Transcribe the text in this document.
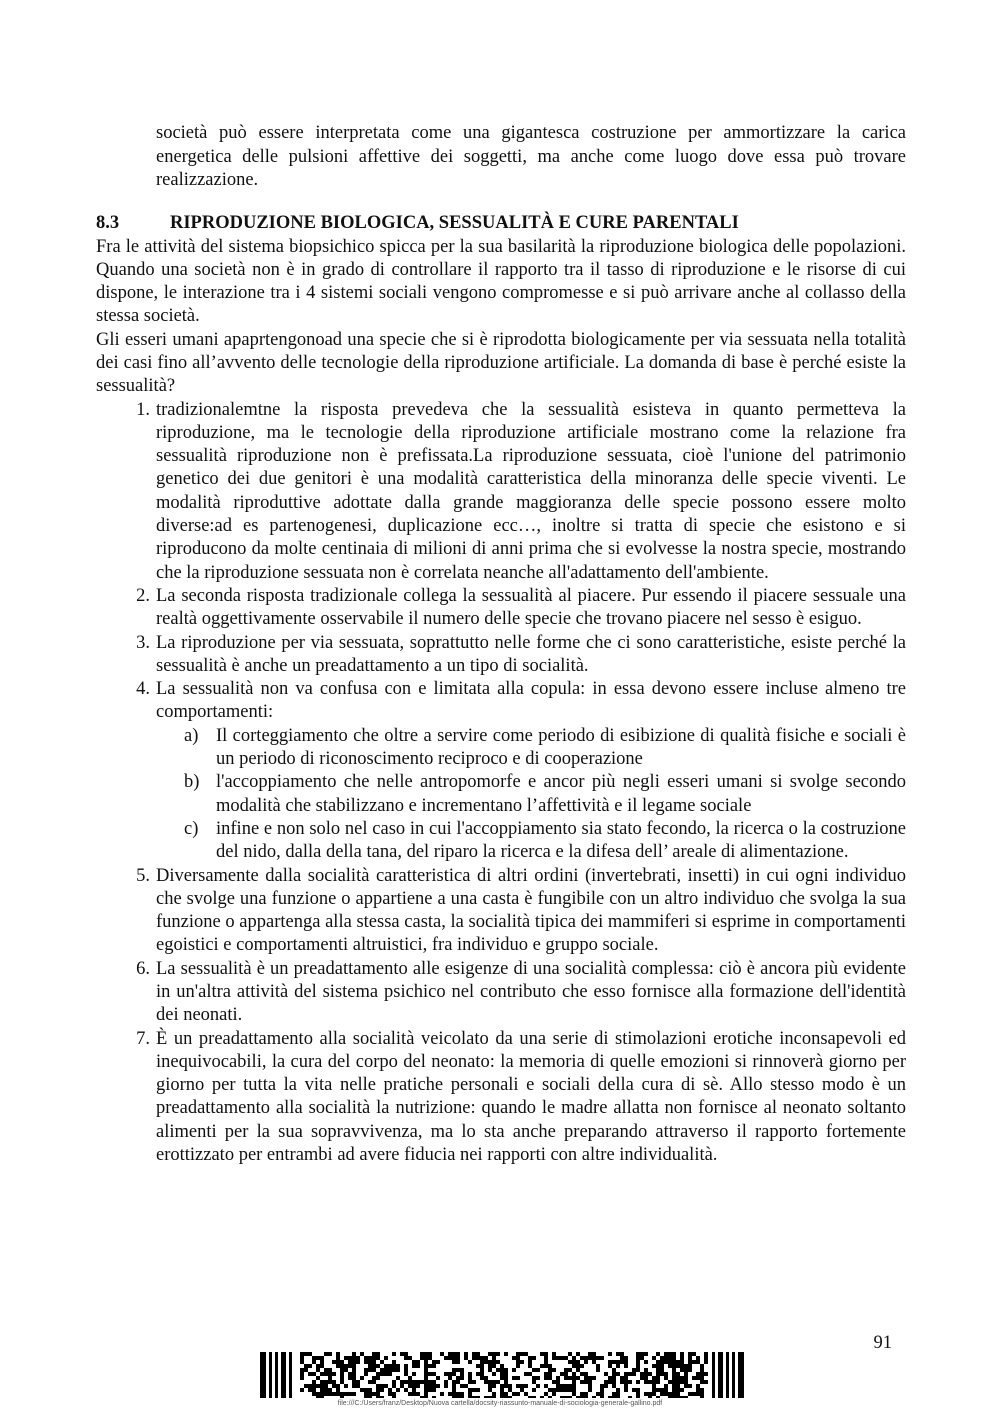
società può essere interpretata come una gigantesca costruzione per ammortizzare la carica energetica delle pulsioni affettive dei soggetti, ma anche come luogo dove essa può trovare realizzazione.

8.3	RIPRODUZIONE BIOLOGICA, SESSUALITÀ E CURE PARENTALI

Fra le attività del sistema biopsichico spicca per la sua basilarità la riproduzione biologica delle popolazioni. Quando una società non è in grado di controllare il rapporto tra il tasso di riproduzione e le risorse di cui dispone, le interazione tra i 4 sistemi sociali vengono compromesse e si può arrivare anche al collasso della stessa società.

Gli esseri umani apaprtengonoad una specie che si è riprodotta biologicamente per via sessuata nella totalità dei casi fino all’avvento delle tecnologie della riproduzione artificiale. La domanda di base è perché esiste la sessualità?

1. tradizionalemtne la risposta prevedeva che la sessualità esisteva in quanto permetteva la riproduzione, ma le tecnologie della riproduzione artificiale mostrano come la relazione fra sessualità riproduzione non è prefissata.La riproduzione sessuata, cioè l'unione del patrimonio genetico dei due genitori è una modalità caratteristica della minoranza delle specie viventi. Le modalità riproduttive adottate dalla grande maggioranza delle specie possono essere molto diverse:ad es partenogenesi, duplicazione ecc…, inoltre si tratta di specie che esistono e si riproducono da molte centinaia di milioni di anni prima che si evolvesse la nostra specie, mostrando che la riproduzione sessuata non è correlata neanche all'adattamento dell'ambiente.
2. La seconda risposta tradizionale collega la sessualità al piacere. Pur essendo il piacere sessuale una realtà oggettivamente osservabile il numero delle specie che trovano piacere nel sesso è esiguo.
3. La riproduzione per via sessuata, soprattutto nelle forme che ci sono caratteristiche, esiste perché la sessualità è anche un preadattamento a un tipo di socialità.
4. La sessualità non va confusa con e limitata alla copula: in essa devono essere incluse almeno tre comportamenti:
a) Il corteggiamento che oltre a servire come periodo di esibizione di qualità fisiche e sociali è un periodo di riconoscimento reciproco e di cooperazione
b) l'accoppiamento che nelle antropomorfe e ancor più negli esseri umani si svolge secondo modalità che stabilizzano e incrementano l’affettività e il legame sociale
c) infine e non solo nel caso in cui l'accoppiamento sia stato fecondo, la ricerca o la costruzione del nido, dalla della tana, del riparo la ricerca e la difesa dell’ areale di alimentazione.
5. Diversamente dalla socialità caratteristica di altri ordini (invertebrati, insetti) in cui ogni individuo che svolge una funzione o appartiene a una casta è fungibile con un altro individuo che svolga la sua funzione o appartenga alla stessa casta, la socialità tipica dei mammiferi si esprime in comportamenti egoistici e comportamenti altruistici, fra individuo e gruppo sociale.
6. La sessualità è un preadattamento alle esigenze di una socialità complessa: ciò è ancora più evidente in un'altra attività del sistema psichico nel contributo che esso fornisce alla formazione dell'identità dei neonati.
7. È un preadattamento alla socialità veicolato da una serie di stimolazioni erotiche inconsapevoli ed inequivocabili, la cura del corpo del neonato: la memoria di quelle emozioni si rinnoverà giorno per giorno per tutta la vita nelle pratiche personali e sociali della cura di sè. Allo stesso modo è un preadattamento alla socialità la nutrizione: quando le madre allatta non fornisce al neonato soltanto alimenti per la sua sopravvivenza, ma lo sta anche preparando attraverso il rapporto fortemente erottizzato per entrambi ad avere fiducia nei rapporti con altre individualità.
91
file:///C:/Users/franz/Desktop/Nuova cartella/docsity-riassunto-manuale-di-sociologia-generale-gallino.pdf
